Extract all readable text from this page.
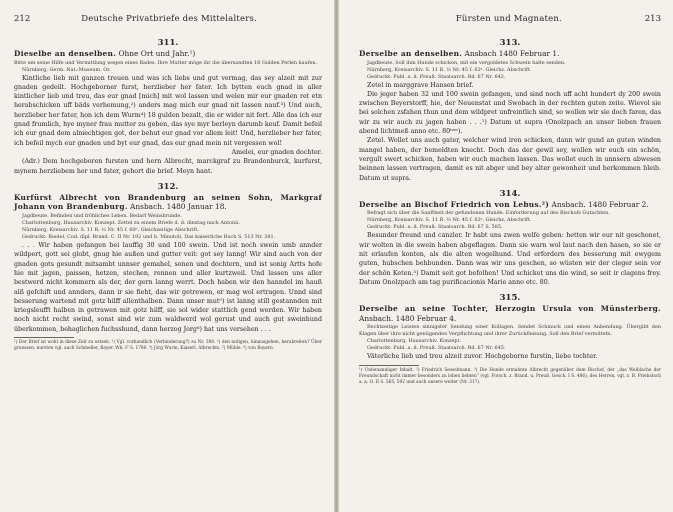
212	Deutsche Privatbriefe des Mittelalters.
311.
Dieselbe an denselben. Ohne Ort und Jahr.¹)
Bitte um seine Hilfe und Vermittlung wegen eines Bades. Ihre Mutter möge ihr die übersandten 18 Gulden Perlen kaufen.
Nürnberg, Germ. Nat.-Museum. Or.

Kintliche lieb mit ganzen treuen und was ich liebs und gut vermag, das sey alzeit mit zur gnaden gedeilt. Hochgeborner furst, herzlieber her fater. Ich bytten euch gnad in aller kintlicher lieb und treu, das eur gnad [mich] mit wol lassen und welen mir eur gnaden ret etn herabschicken uff bäds verhemung,²) anders mag mich eur gnad nit lassen nauf.³) Und auch, herzlieber her fater, hon ich dem Wurm⁴) 18 gulden bezalt, die er wider nit fert. Alle das ich eur gnad frumlich, hye myner frau mutter zu geben, das sye myr berleyn darumb keuf. Damit befeil ich eur gnad dem almechtigen got, der behut eur gnad vor allem leit! Und, herzlieber her fater, ich befeil mych eur gnaden und byt eur gnad, das eur gnad mein nit vergessen wol!

Amelei, eur gnaden dochter.

(Adr.) Dem hochgeboren fursten und hern Albrecht, marckgraf zu Brandenburck, kurfurst, mynem herzliebem her und fater, gehort die brief. Meyn hant.

312.
Kurfürst Albrecht von Brandenburg an seinen Sohn, Markgraf Johann von Brandenburg. Ansbach. 1480 Januar 18.
Jagdbeute. Befinden und fröhliches Leben. Bedarf Weinsbrunde.
Charlottenburg, Hausarchiv. Konzept. Zettel zu einem Briefe d. d. dinstag nach Antonii.
Nürnberg, Kreisarchiv. S. 11 R. ¹⁄₂ Nr. 45 f. 60ᵇ. Gleichzeitige Abschrift.
Gedruckt: Riedel, Cod. dipl. Brand. C. II Nr. 192 und b. Minutoli, Das kaiserliche Buch S. 513 Nr. 381.

. . . Wir haben gefangen bei lauffig 30 und 100 swein. Und ist noch swein umb annder wildpert, gott sei globt, gnug hie außen und gutter veit: got sey lanng! Wir sind auch von der gnaden gots gesundt mitsambt unnser gemahel, sonen und dochtern, und ist sonig Artts hofe hie mit jagen, paissen, hetzen, stechen, rennen und aller kurtzweil. Und lassen uns aller bestwerd nicht kommern als der, der gern lanng werrt. Doch haben wir den hanndel im hauß alß gefchift und annders, dann ir sie fieht, das wir getrewen, er mag wol ertragen. Unnd sind besserung wartend mit gotz hilff allenthalben. Dann unser mut⁵) ist lanng still gestannden mit kriegsleufft halben in getrawen mit gotz hilff, sie sol wider stattlich gend werden. Wir haben noch nicht recht swind, sonst sind wir zum waldwerd wol gerust und auch gut sweinhund überkommen, behaglichen fuchsshund, dann herzog Jorg⁶) hat uns versehen . . .

¹) Der Brief ist wohl in diese Zeit zu setzen. ²) Vgl. vorhandlich (Verhinderung?) zu Nr. 308. ³) den notigen, hinausgehen, herabreiten? Über gruessen, nursten vgl. auch Schmeller, Bayer. Wb. I² S. 1780. ⁴) Jörg Wurm, Kaiserl. Albrechts. ⁵) Mühle. ⁶) von Bayern.
Fürsten und Magnaten.	213
313.
Derselbe an denselben. Ansbach 1480 Februar 1.
Jagdbeute. Soll ihm Hunde schicken, mit ein vergoldetes Schwein halte senden.
Nürnberg, Kreisarchiv. S. 11 R. ¹⁄₂ Nr. 45 f. 62ᵃ. Gleichz. Abschrift.
Gedruckt: Publ. a. d. Preuß. Staatsarch. Bd. 67 Nr. 642.

Zetel in marggrave Hansen brief.

Die jeger haben 32 und 100 swein gefangen, und sind noch uff acht hundert dy 200 swein zwischen Beyerstorff, hie, der Neuenstat und Swobach in der rechten guten zeite. Wievol sie bei solchen zsfahen thun und dem wildpret unfreintlich sind, so wollen wir sie doch faren, das wir zu wir auch zu jagen haben . . .¹) Datum ut supra (Onolzpach an unser lieben frauen abend lichtmeß anno etc. 80ᵗᵒᵐ).

Zetel. Wollet uns auch gater, welcher wind iren schicken, dann wir gund an guten winden mangel haben, der bemeldten knecht. Doch das der gewil sey, wollen wir euch ein schön, vergult swert schicken, haben wir euch machen lassen. Das wollet euch in unnsern abwesen beinnen lassen vertragen, damit es nit abger und bey alter gewonheit und herkommen bleib. Datum ut supra.

314.
Derselbe an Bischof Friedrich von Lebus.²) Ansbach. 1480 Februar 2.
Befragt sich über die Sanftheit der gefundenen Hunde. Einforderung auf des Bischofs Gutachten.
Nürnberg, Kreisarchiv. S. 11 R. ¹⁄₂ Nr. 45 f. 62ᵃ. Gleichz. Abschrift.
Gedruckt: Publ. a. d. Preuß. Staatsarch. Bd. 67 S. 585.

Besunder freund und canzler. Ir habt uns zwen welfe geben: hetten wir eur nit geschonet, wir wolten in die swein haben abgeflagen. Dann sie warn wol laut nach den hasen, so sie er nit erlaufen konten, als die alten wogelhund. Und erfordern des besserung mit ewygem guten, hubschen behbunden. Dann was wir uns geschen, so wüsten wir der cleger sein vor der schön Keten.³) Damit seit got befolhen! Und schicket uns die wind, so seit ir clagens frey. Datum Onolzpach am tag purificacionis Marie anno etc. 80.

315.
Derselbe an seine Tochter, Herzogin Ursula von Münsterberg. Ansbach. 1480 Februar 4.
Rechtzeitige Leisten sinnigster Sendung einer Kollagen. Sendet Schmuck und einen Anbendung. Übergibt den Klagen über ihre nicht genügenden Verpflichtung und ihrer Zurückfleisung. Soll den Brief vermitteln.
Charlottenburg, Hausarchiv. Konzept.
Gedruckt: Publ. a. d. Preuß. Staatsarch. Bd. 67 Nr. 645.

Väterliche lieb und treu alzeit zuvor. Hochgeborne furstin, liebe tochter.

¹) Unbenannliger Inhalt. ²) Friedrich Sesselmann. ³) Die Hunde ermahnte Albrecht gegenüber dem Bischof, der „das Weiblache der Freundschaft nicht immer besonders zu loben liebten“ (vgl. Forsch. z. Brand. u. Preuß. Gesch. I S. 486), des Herren, vgl. z. B. Priebatsch a. a. O. II S. 565, 592 und auch unsere weiter (Nr. 317).
